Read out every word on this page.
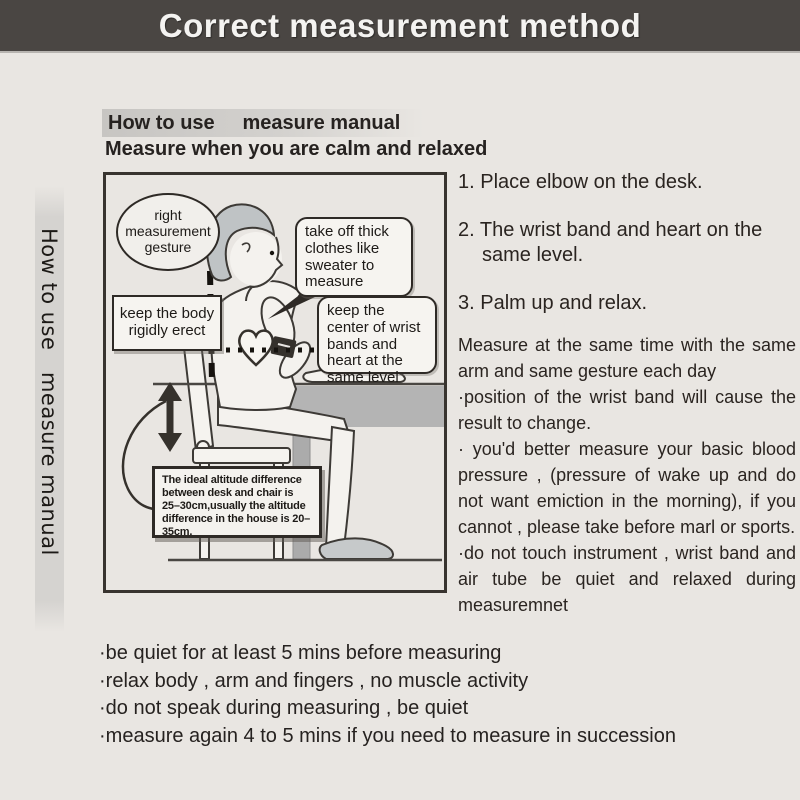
Correct measurement method
How to use     measure manual
Measure when you are calm and relaxed
How to use   measure manual
right measurement gesture
keep the body rigidly erect
take off thick clothes like sweater to measure
keep the center of wrist bands and heart at the same level
The ideal altitude difference between desk and chair is 25–30cm,usually the altitude difference in the house is 20–35cm.
1. Place elbow on the desk.
2. The wrist band and heart on the same level.
3. Palm up and relax.

Measure at the same time with the same arm and same gesture each day

·position of the wrist band will cause the result to change.

· you'd better measure your basic blood pressure , (pressure of wake up and do not want emiction in the morning), if you cannot , please take before marl or sports.

·do not touch instrument , wrist band and air tube be quiet and relaxed during measuremnet

·be quiet for at least 5 mins before measuring
·relax body , arm and fingers , no muscle activity
·do not speak during measuring , be quiet
·measure again 4 to 5 mins if you need to measure in succession
